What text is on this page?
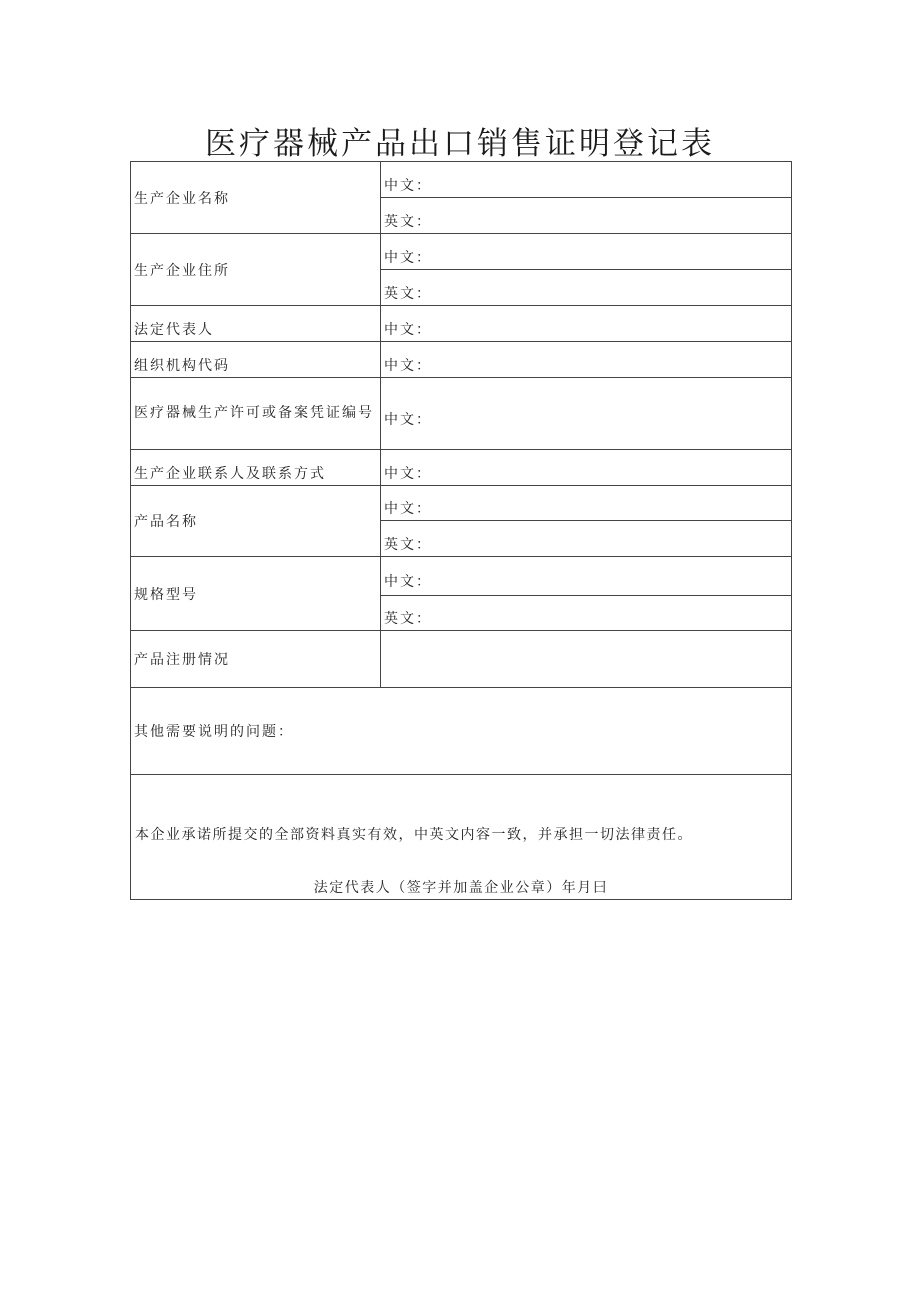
医疗器械产品出口销售证明登记表
生产企业名称	中文：
	英文：
生产企业住所	中文：
	英文：
法定代表人	中文：
组织机构代码	中文：
医疗器械生产许可或备案凭证编号	中文：
生产企业联系人及联系方式	中文：
产品名称	中文：
	英文：
规格型号	中文：
	英文：
产品注册情况	
其他需要说明的问题：	

本企业承诺所提交的全部资料真实有效，中英文内容一致，并承担一切法律责任。
法定代表人（签字并加盖企业公章）年月曰	
